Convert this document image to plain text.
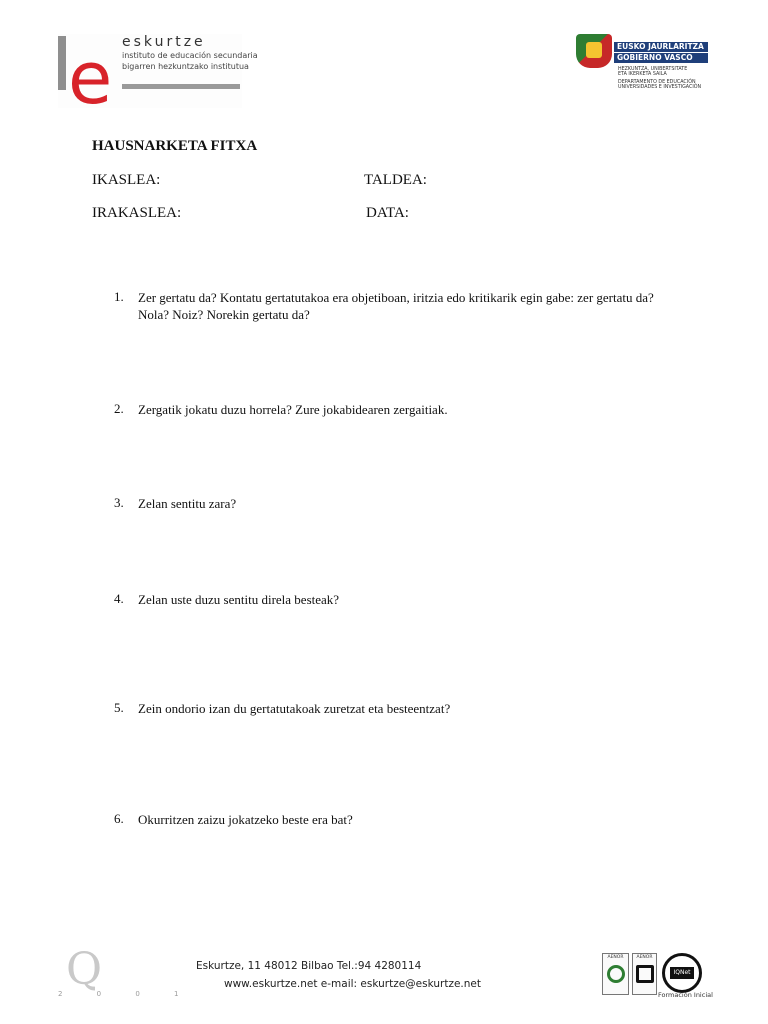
e eskurtze
instituto de educación secundaria
bigarren hezkuntzako institutua
EUSKO JAURLARITZA
GOBIERNO VASCO
HEZKUNTZA, UNIBERTSITATE
ETA IKERKETA SAILA
DEPARTAMENTO DE EDUCACIÓN
UNIVERSIDADES E INVESTIGACIÓN
HAUSNARKETA FITXA
IKASLEA:	TALDEA:
IRAKASLEA:	DATA:
1.	Zer gertatu da? Kontatu gertatutakoa era objetiboan, iritzia edo kritikarik egin gabe: zer gertatu da? Nola? Noiz? Norekin gertatu da?
2.	Zergatik jokatu duzu horrela? Zure jokabidearen zergaitiak.
3.	Zelan sentitu zara?
4.	Zelan uste duzu sentitu direla besteak?
5.	Zein ondorio izan du gertatutakoak zuretzat eta besteentzat?
6.	Okurritzen zaizu jokatzeko beste era bat?
Q
2 0 0 1
Eskurtze, 11 48012 Bilbao Tel.:94 4280114
www.eskurtze.net e-mail: eskurtze@eskurtze.net
AENOR	AENOR
IQNet
Formación Inicial
